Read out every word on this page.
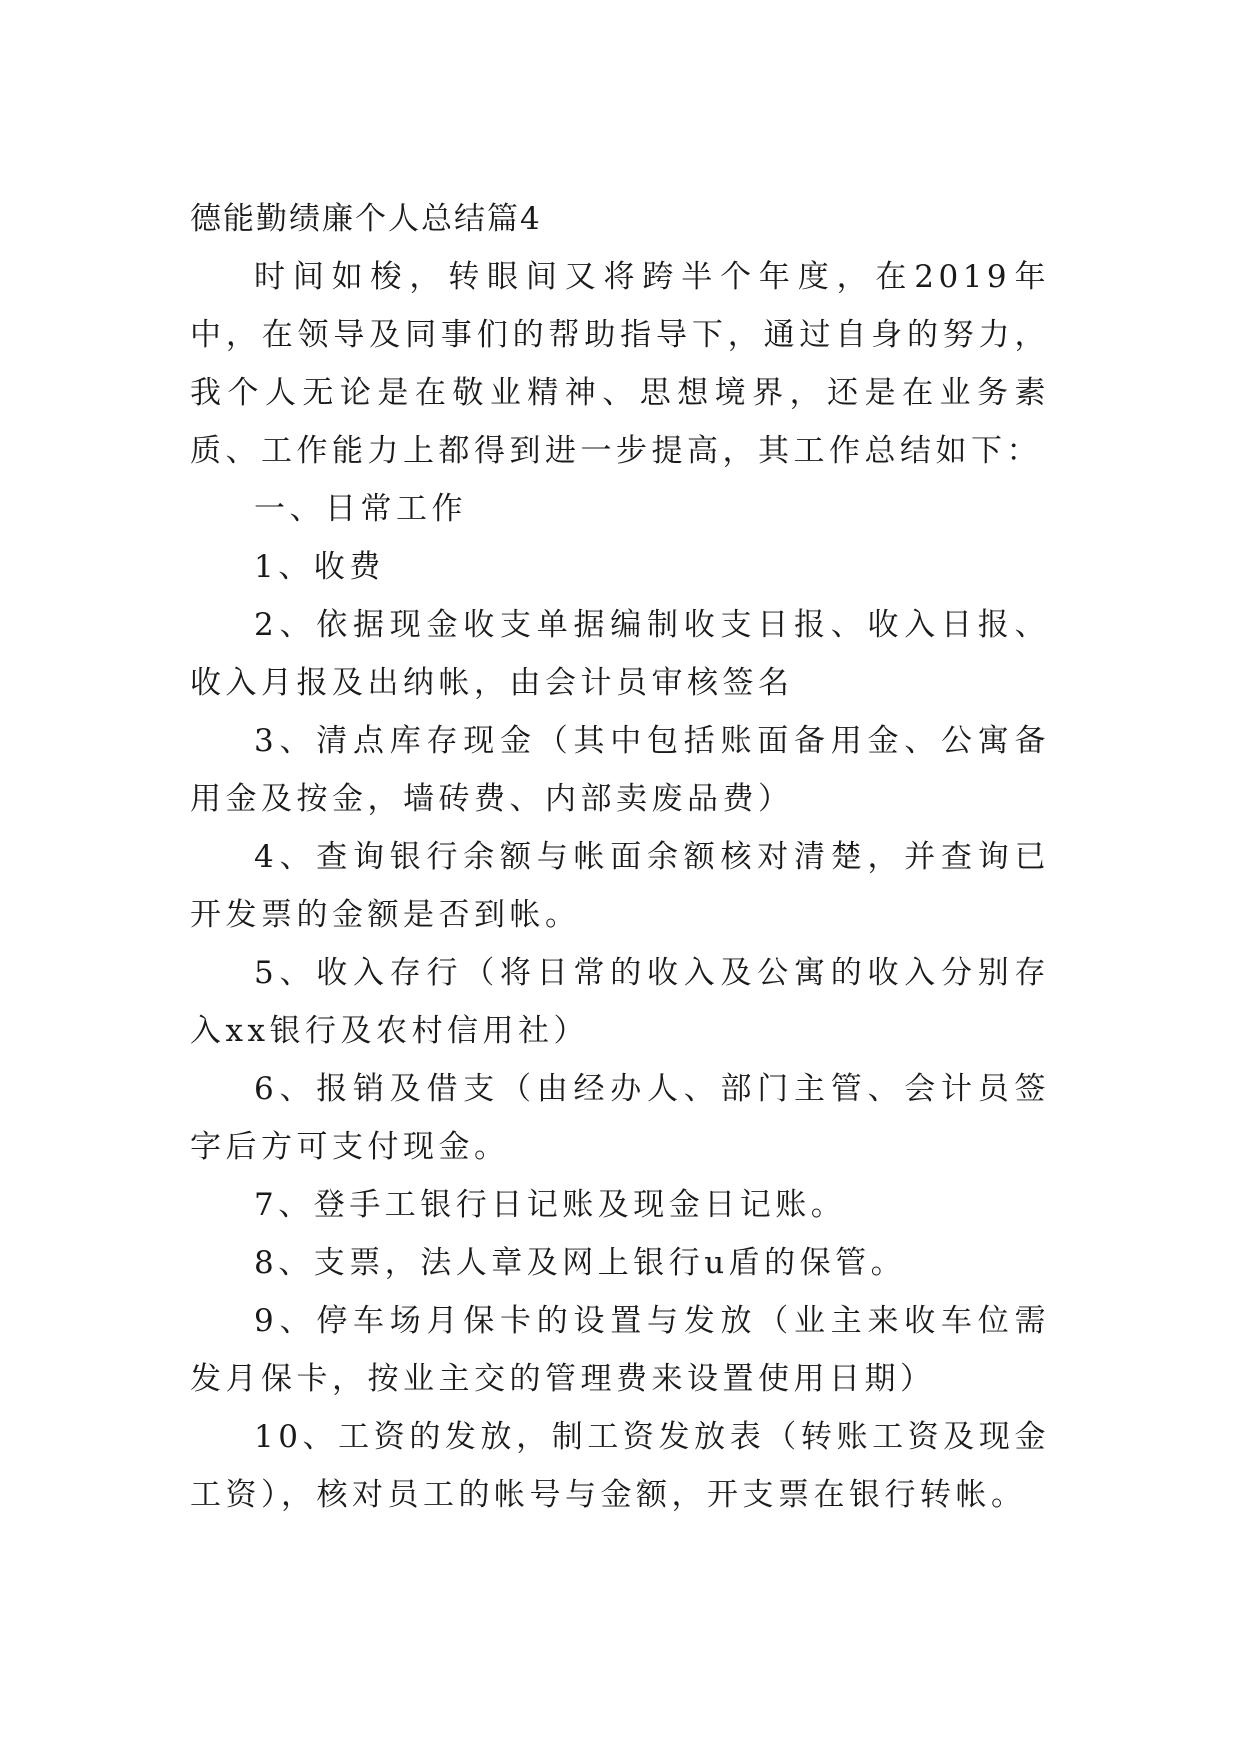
德能勤绩廉个人总结篇4

时间如梭，转眼间又将跨半个年度，在2019年中，在领导及同事们的帮助指导下，通过自身的努力，我个人无论是在敬业精神、思想境界，还是在业务素质、工作能力上都得到进一步提高，其工作总结如下：

一、日常工作

1、收费

2、依据现金收支单据编制收支日报、收入日报、收入月报及出纳帐，由会计员审核签名

3、清点库存现金（其中包括账面备用金、公寓备用金及按金，墙砖费、内部卖废品费）

4、查询银行余额与帐面余额核对清楚，并查询已开发票的金额是否到帐。

5、收入存行（将日常的收入及公寓的收入分别存入xx银行及农村信用社）

6、报销及借支（由经办人、部门主管、会计员签字后方可支付现金。

7、登手工银行日记账及现金日记账。

8、支票，法人章及网上银行u盾的保管。

9、停车场月保卡的设置与发放（业主来收车位需发月保卡，按业主交的管理费来设置使用日期）

10、工资的发放，制工资发放表（转账工资及现金工资），核对员工的帐号与金额，开支票在银行转帐。
